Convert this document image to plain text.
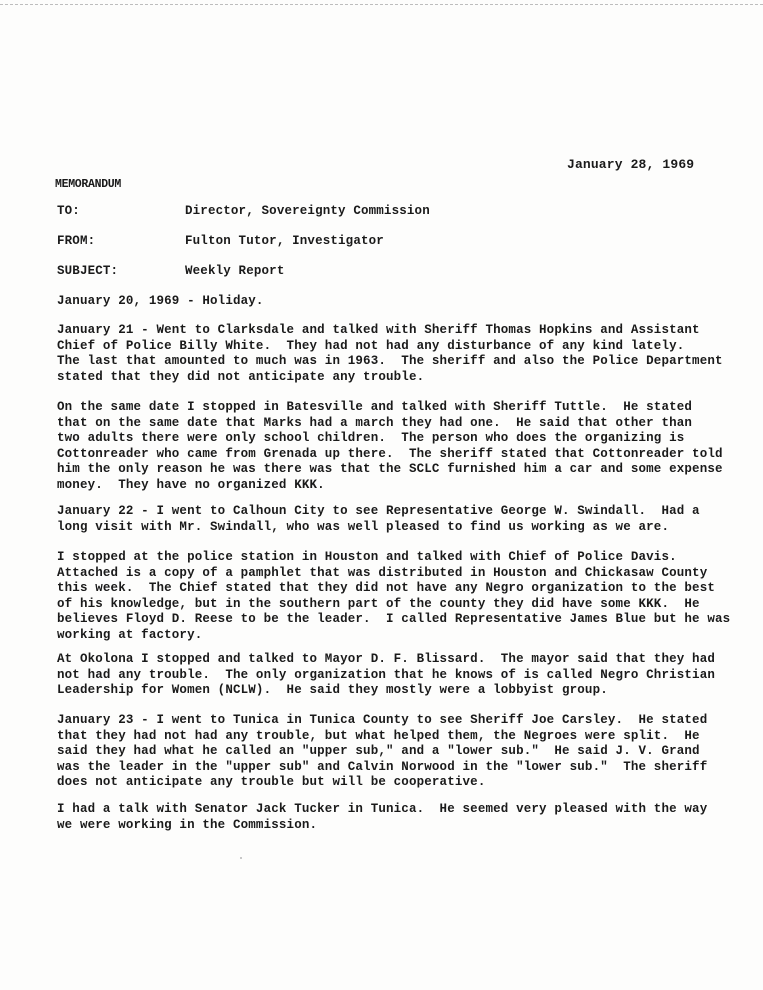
January 28, 1969
MEMORANDUM
TO:	Director, Sovereignty Commission
FROM:	Fulton Tutor, Investigator
SUBJECT:	Weekly Report
January 20, 1969 - Holiday.
January 21 - Went to Clarksdale and talked with Sheriff Thomas Hopkins and Assistant
Chief of Police Billy White.  They had not had any disturbance of any kind lately.
The last that amounted to much was in 1963.  The sheriff and also the Police Department
stated that they did not anticipate any trouble.
On the same date I stopped in Batesville and talked with Sheriff Tuttle.  He stated
that on the same date that Marks had a march they had one.  He said that other than
two adults there were only school children.  The person who does the organizing is
Cottonreader who came from Grenada up there.  The sheriff stated that Cottonreader told
him the only reason he was there was that the SCLC furnished him a car and some expense
money.  They have no organized KKK.
January 22 - I went to Calhoun City to see Representative George W. Swindall.  Had a
long visit with Mr. Swindall, who was well pleased to find us working as we are.
I stopped at the police station in Houston and talked with Chief of Police Davis.
Attached is a copy of a pamphlet that was distributed in Houston and Chickasaw County
this week.  The Chief stated that they did not have any Negro organization to the best
of his knowledge, but in the southern part of the county they did have some KKK.  He
believes Floyd D. Reese to be the leader.  I called Representative James Blue but he was
working at factory.
At Okolona I stopped and talked to Mayor D. F. Blissard.  The mayor said that they had
not had any trouble.  The only organization that he knows of is called Negro Christian
Leadership for Women (NCLW).  He said they mostly were a lobbyist group.
January 23 - I went to Tunica in Tunica County to see Sheriff Joe Carsley.  He stated
that they had not had any trouble, but what helped them, the Negroes were split.  He
said they had what he called an "upper sub," and a "lower sub."  He said J. V. Grand
was the leader in the "upper sub" and Calvin Norwood in the "lower sub."  The sheriff
does not anticipate any trouble but will be cooperative.
I had a talk with Senator Jack Tucker in Tunica.  He seemed very pleased with the way
we were working in the Commission.
